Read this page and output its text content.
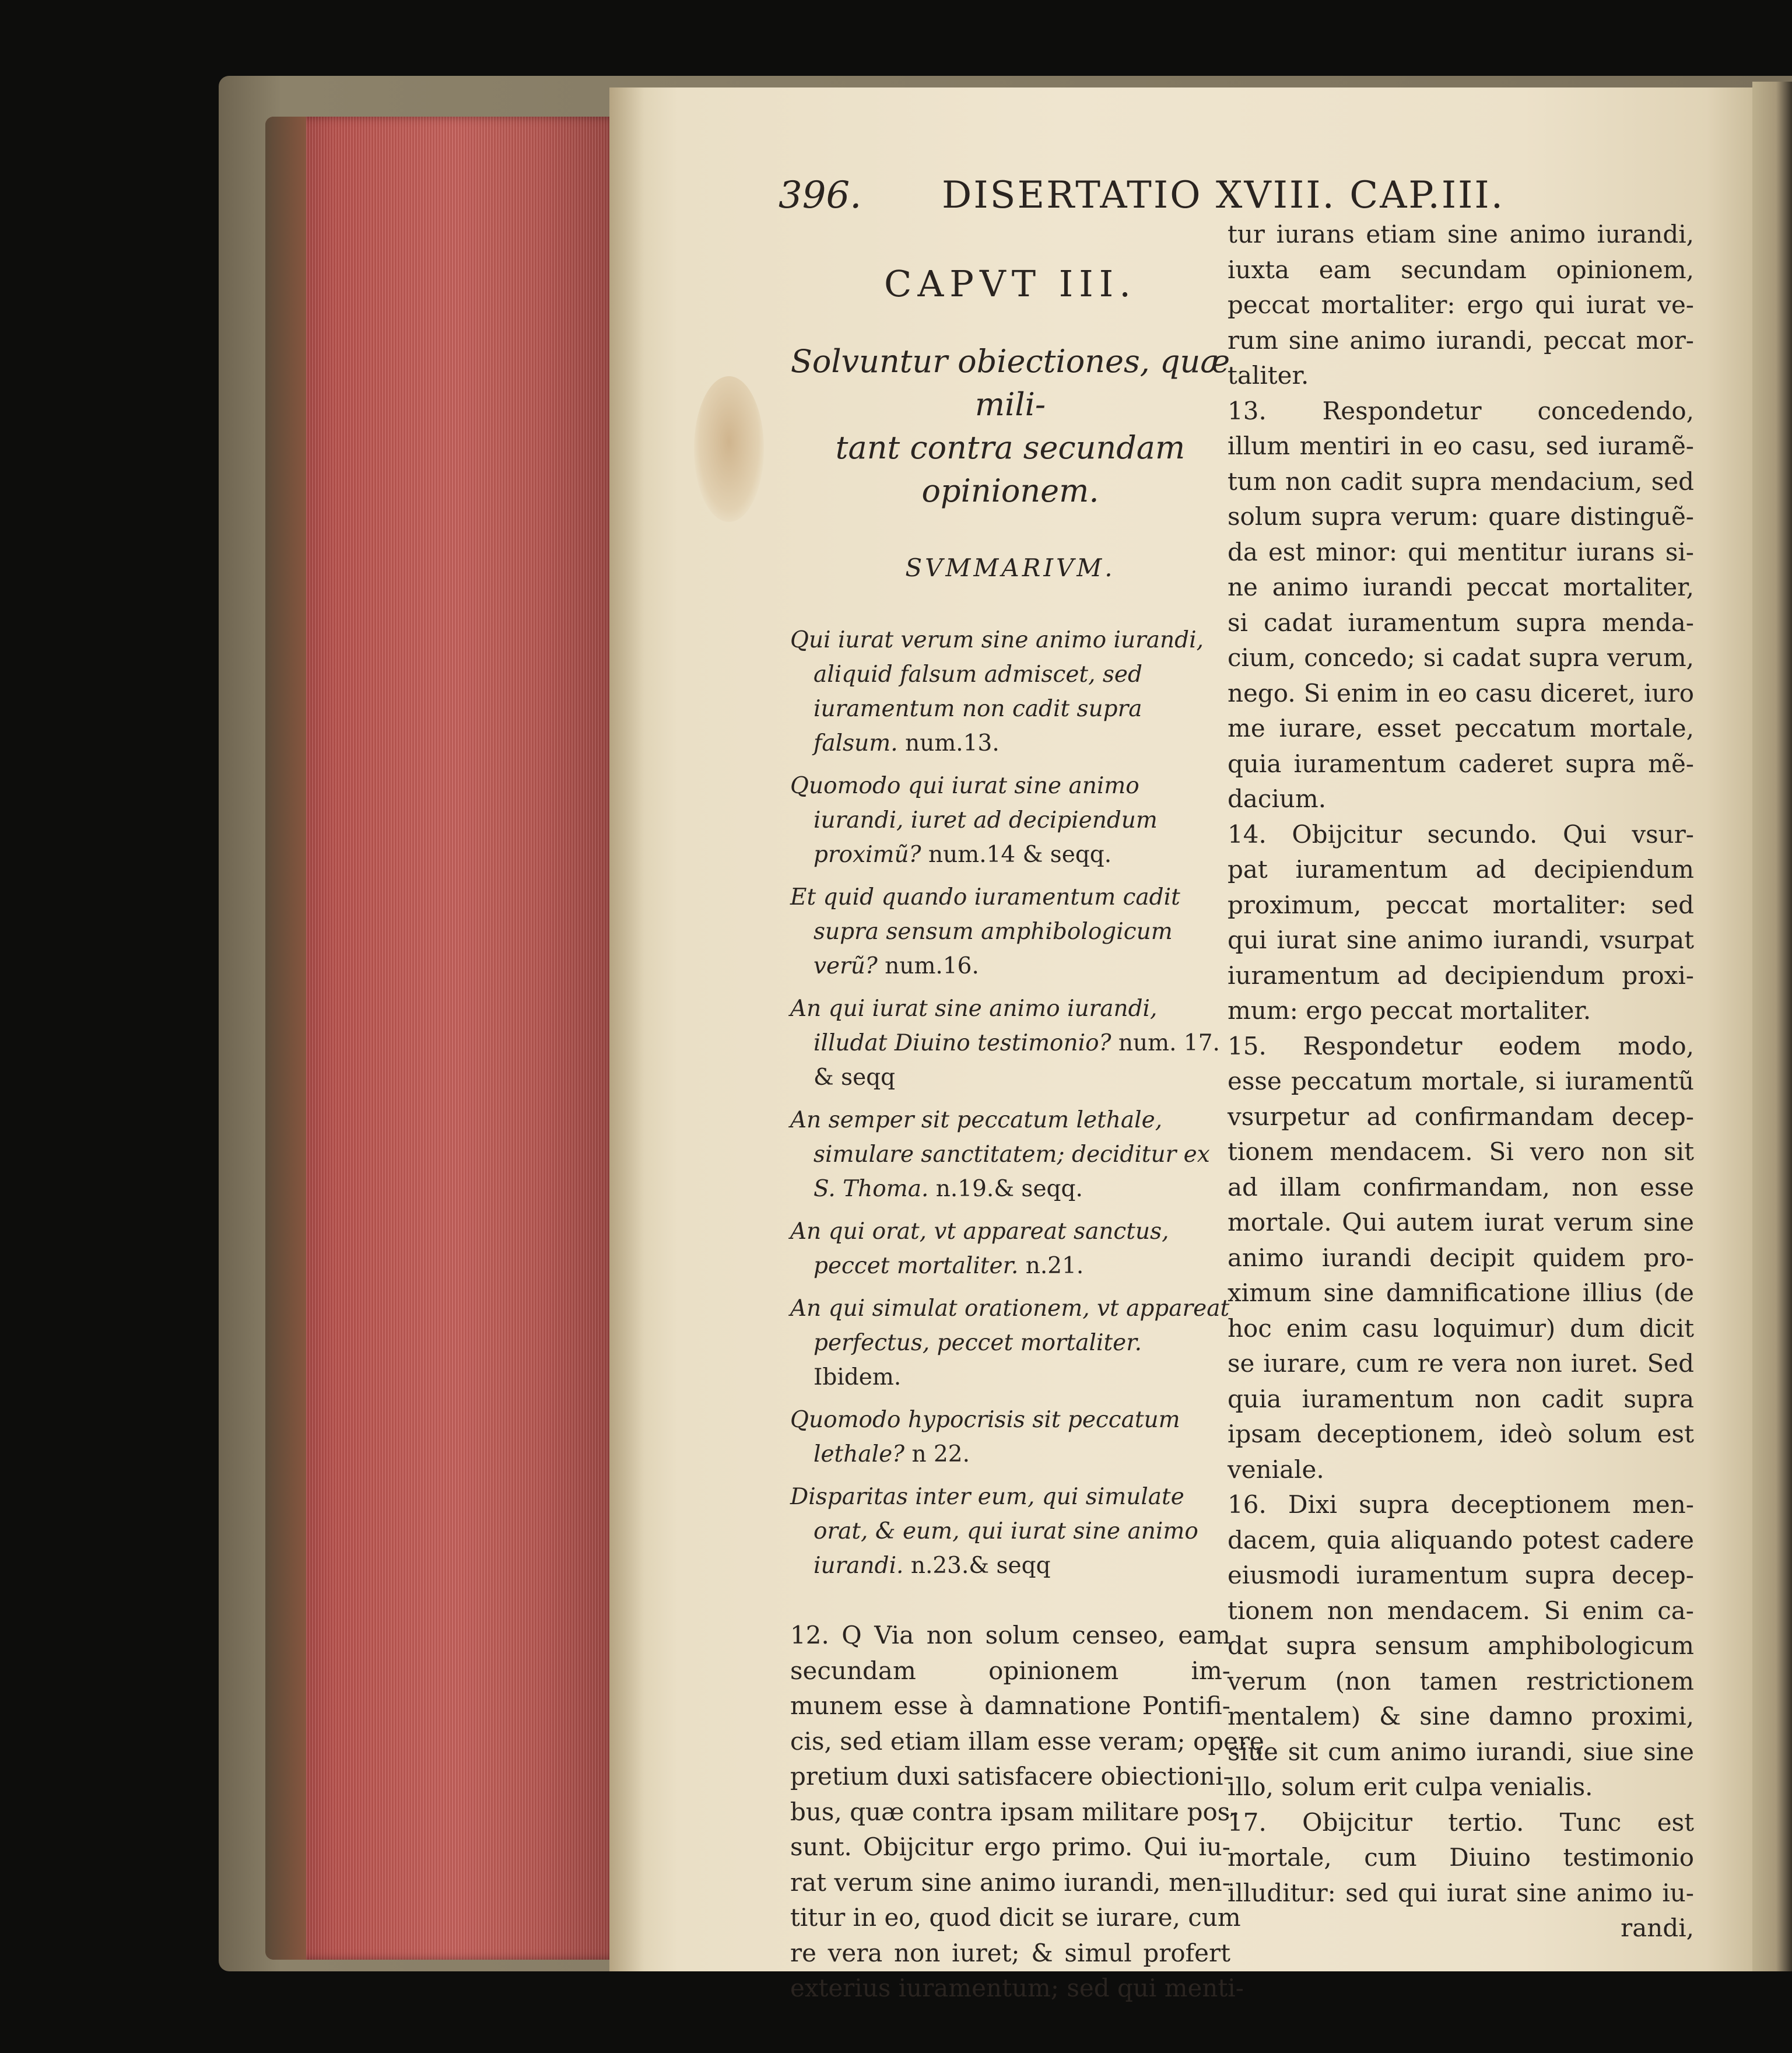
396. DISERTATIO XVIII. CAP.III.
CAPVT III.
Solvuntur obiectiones, quæ mili-
tant contra secundam
opinionem.
SVMMARIVM.
Qui iurat verum sine animo iurandi, aliquid falsum admiscet, sed iuramentum non cadit supra falsum. num.13.
Quomodo qui iurat sine animo iurandi, iuret ad decipiendum proximũ? num.14 & seqq.
Et quid quando iuramentum cadit supra sensum amphibologicum verũ? num.16.
An qui iurat sine animo iurandi, illudat Diuino testimonio? num. 17. & seqq
An semper sit peccatum lethale, simulare sanctitatem; deciditur ex S. Thoma. n.19.& seqq.
An qui orat, vt appareat sanctus, peccet mortaliter. n.21.
An qui simulat orationem, vt appareat perfectus, peccet mortaliter. Ibidem.
Quomodo hypocrisis sit peccatum lethale? n 22.
Disparitas inter eum, qui simulate orat, & eum, qui iurat sine animo iurandi. n.23.& seqq
12. Q Via non solum censeo, eam
secundam opinionem im-
munem esse à damnatione Pontifi-
cis, sed etiam illam esse veram; operę
pretium duxi satisfacere obiectioni-
bus, quæ contra ipsam militare pos-
sunt. Obijcitur ergo primo. Qui iu-
rat verum sine animo iurandi, men-
titur in eo, quod dicit se iurare, cum
re vera non iuret; & simul profert
exterius iuramentum; sed qui menti-
tur iurans etiam sine animo iurandi,
iuxta eam secundam opinionem,
peccat mortaliter: ergo qui iurat ve-
rum sine animo iurandi, peccat mor-
taliter.
13. Respondetur concedendo,
illum mentiri in eo casu, sed iuramẽ-
tum non cadit supra mendacium, sed
solum supra verum: quare distinguẽ-
da est minor: qui mentitur iurans si-
ne animo iurandi peccat mortaliter,
si cadat iuramentum supra menda-
cium, concedo; si cadat supra verum,
nego. Si enim in eo casu diceret, iuro
me iurare, esset peccatum mortale,
quia iuramentum caderet supra mẽ-
dacium.
14. Obijcitur secundo. Qui vsur-
pat iuramentum ad decipiendum
proximum, peccat mortaliter: sed
qui iurat sine animo iurandi, vsurpat
iuramentum ad decipiendum proxi-
mum: ergo peccat mortaliter.
15. Respondetur eodem modo,
esse peccatum mortale, si iuramentũ
vsurpetur ad confirmandam decep-
tionem mendacem. Si vero non sit
ad illam confirmandam, non esse
mortale. Qui autem iurat verum sine
animo iurandi decipit quidem pro-
ximum sine damnificatione illius (de
hoc enim casu loquimur) dum dicit
se iurare, cum re vera non iuret. Sed
quia iuramentum non cadit supra
ipsam deceptionem, ideò solum est
veniale.
16. Dixi supra deceptionem men-
dacem, quia aliquando potest cadere
eiusmodi iuramentum supra decep-
tionem non mendacem. Si enim ca-
dat supra sensum amphibologicum
verum (non tamen restrictionem
mentalem) & sine damno proximi,
siue sit cum animo iurandi, siue sine
illo, solum erit culpa venialis.
17. Obijcitur tertio. Tunc est
mortale, cum Diuino testimonio
illuditur: sed qui iurat sine animo iu-
randi,
